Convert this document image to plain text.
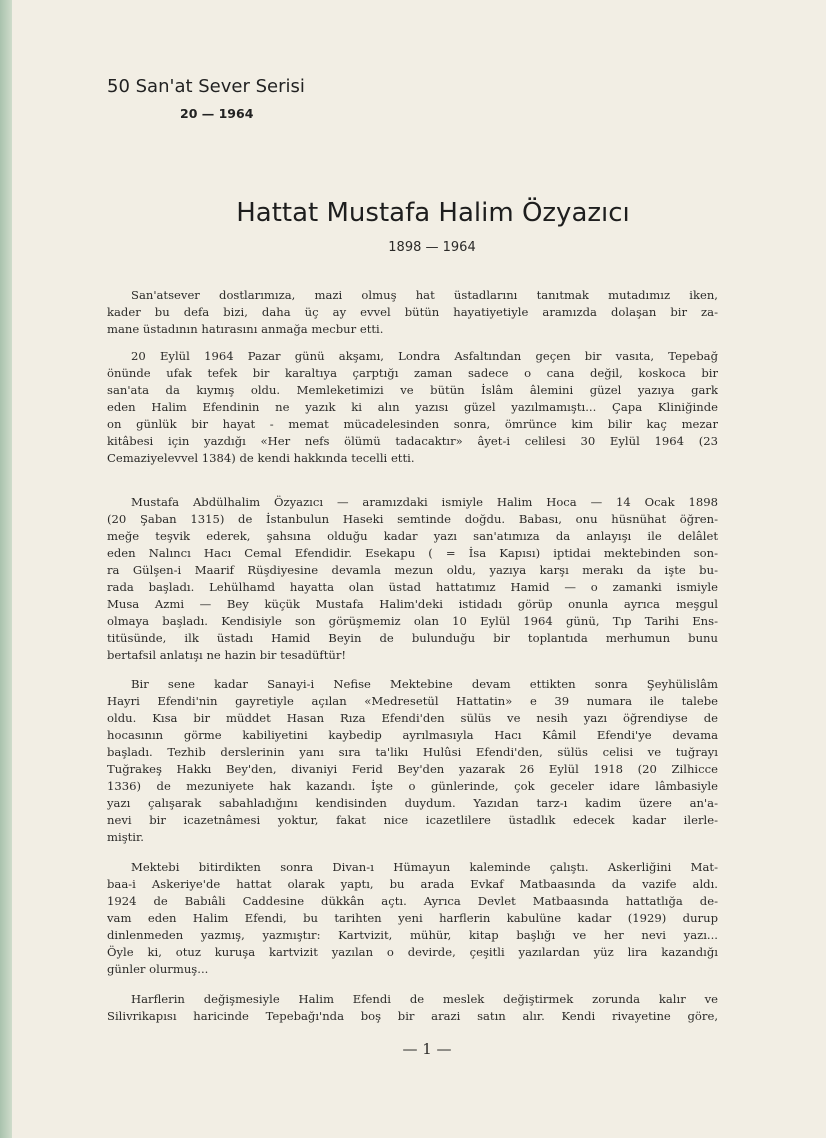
50 San'at Sever Serisi
20 — 1964
Hattat Mustafa Halim Özyazıcı
1898 — 1964
San'atsever dostlarımıza, mazi olmuş hat üstadlarını tanıtmak mutadımız iken,
kader bu defa bizi, daha üç ay evvel bütün hayatiyetiyle aramızda dolaşan bir za-
mane üstadının hatırasını anmağa mecbur etti.
20 Eylül 1964 Pazar günü akşamı, Londra Asfaltından geçen bir vasıta, Tepebağ
önünde ufak tefek bir karaltıya çarptığı zaman sadece o cana değil, koskoca bir
san'ata da kıymış oldu. Memleketimizi ve bütün İslâm âlemini güzel yazıya gark
eden Halim Efendinin ne yazık ki alın yazısı güzel yazılmamıştı... Çapa Kliniğinde
on günlük bir hayat - memat mücadelesinden sonra, ömrünce kim bilir kaç mezar
kitâbesi için yazdığı «Her nefs ölümü tadacaktır» âyet-i celilesi 30 Eylül 1964 (23
Cemaziyelevvel 1384) de kendi hakkında tecelli etti.
Mustafa Abdülhalim Özyazıcı — aramızdaki ismiyle Halim Hoca — 14 Ocak 1898
(20 Şaban 1315) de İstanbulun Haseki semtinde doğdu. Babası, onu hüsnühat öğren-
meğe teşvik ederek, şahsına olduğu kadar yazı san'atımıza da anlayışı ile delâlet
eden Nalıncı Hacı Cemal Efendidir. Esekapu ( = İsa Kapısı) iptidai mektebinden son-
ra Gülşen-i Maarif Rüşdiyesine devamla mezun oldu, yazıya karşı merakı da işte bu-
rada başladı. Lehülhamd hayatta olan üstad hattatımız Hamid — o zamanki ismiyle
Musa Azmi — Bey küçük Mustafa Halim'deki istidadı görüp onunla ayrıca meşgul
olmaya başladı. Kendisiyle son görüşmemiz olan 10 Eylül 1964 günü, Tıp Tarihi Ens-
titüsünde, ilk üstadı Hamid Beyin de bulunduğu bir toplantıda merhumun bunu
bertafsil anlatışı ne hazin bir tesadüftür!
Bir sene kadar Sanayi-i Nefise Mektebine devam ettikten sonra Şeyhülislâm
Hayri Efendi'nin gayretiyle açılan «Medresetül Hattatin» e 39 numara ile talebe
oldu. Kısa bir müddet Hasan Rıza Efendi'den sülüs ve nesih yazı öğrendiyse de
hocasının görme kabiliyetini kaybedip ayrılmasıyla Hacı Kâmil Efendi'ye devama
başladı. Tezhib derslerinin yanı sıra ta'likı Hulûsi Efendi'den, sülüs celisi ve tuğrayı
Tuğrakeş Hakkı Bey'den, divaniyi Ferid Bey'den yazarak 26 Eylül 1918 (20 Zilhicce
1336) de mezuniyete hak kazandı. İşte o günlerinde, çok geceler idare lâmbasiyle
yazı çalışarak sabahladığını kendisinden duydum. Yazıdan tarz-ı kadim üzere an'a-
nevi bir icazetnâmesi yoktur, fakat nice icazetlilere üstadlık edecek kadar ilerle-
miştir.
Mektebi bitirdikten sonra Divan-ı Hümayun kaleminde çalıştı. Askerliğini Mat-
baa-i Askeriye'de hattat olarak yaptı, bu arada Evkaf Matbaasında da vazife aldı.
1924 de Babıâli Caddesine dükkân açtı. Ayrıca Devlet Matbaasında hattatlığa de-
vam eden Halim Efendi, bu tarihten yeni harflerin kabulüne kadar (1929) durup
dinlenmeden yazmış, yazmıştır: Kartvizit, mühür, kitap başlığı ve her nevi yazı...
Öyle ki, otuz kuruşa kartvizit yazılan o devirde, çeşitli yazılardan yüz lira kazandığı
günler olurmuş...
Harflerin değişmesiyle Halim Efendi de meslek değiştirmek zorunda kalır ve
Silivrikapısı haricinde Tepebağı'nda boş bir arazi satın alır. Kendi rivayetine göre,
— 1 —
